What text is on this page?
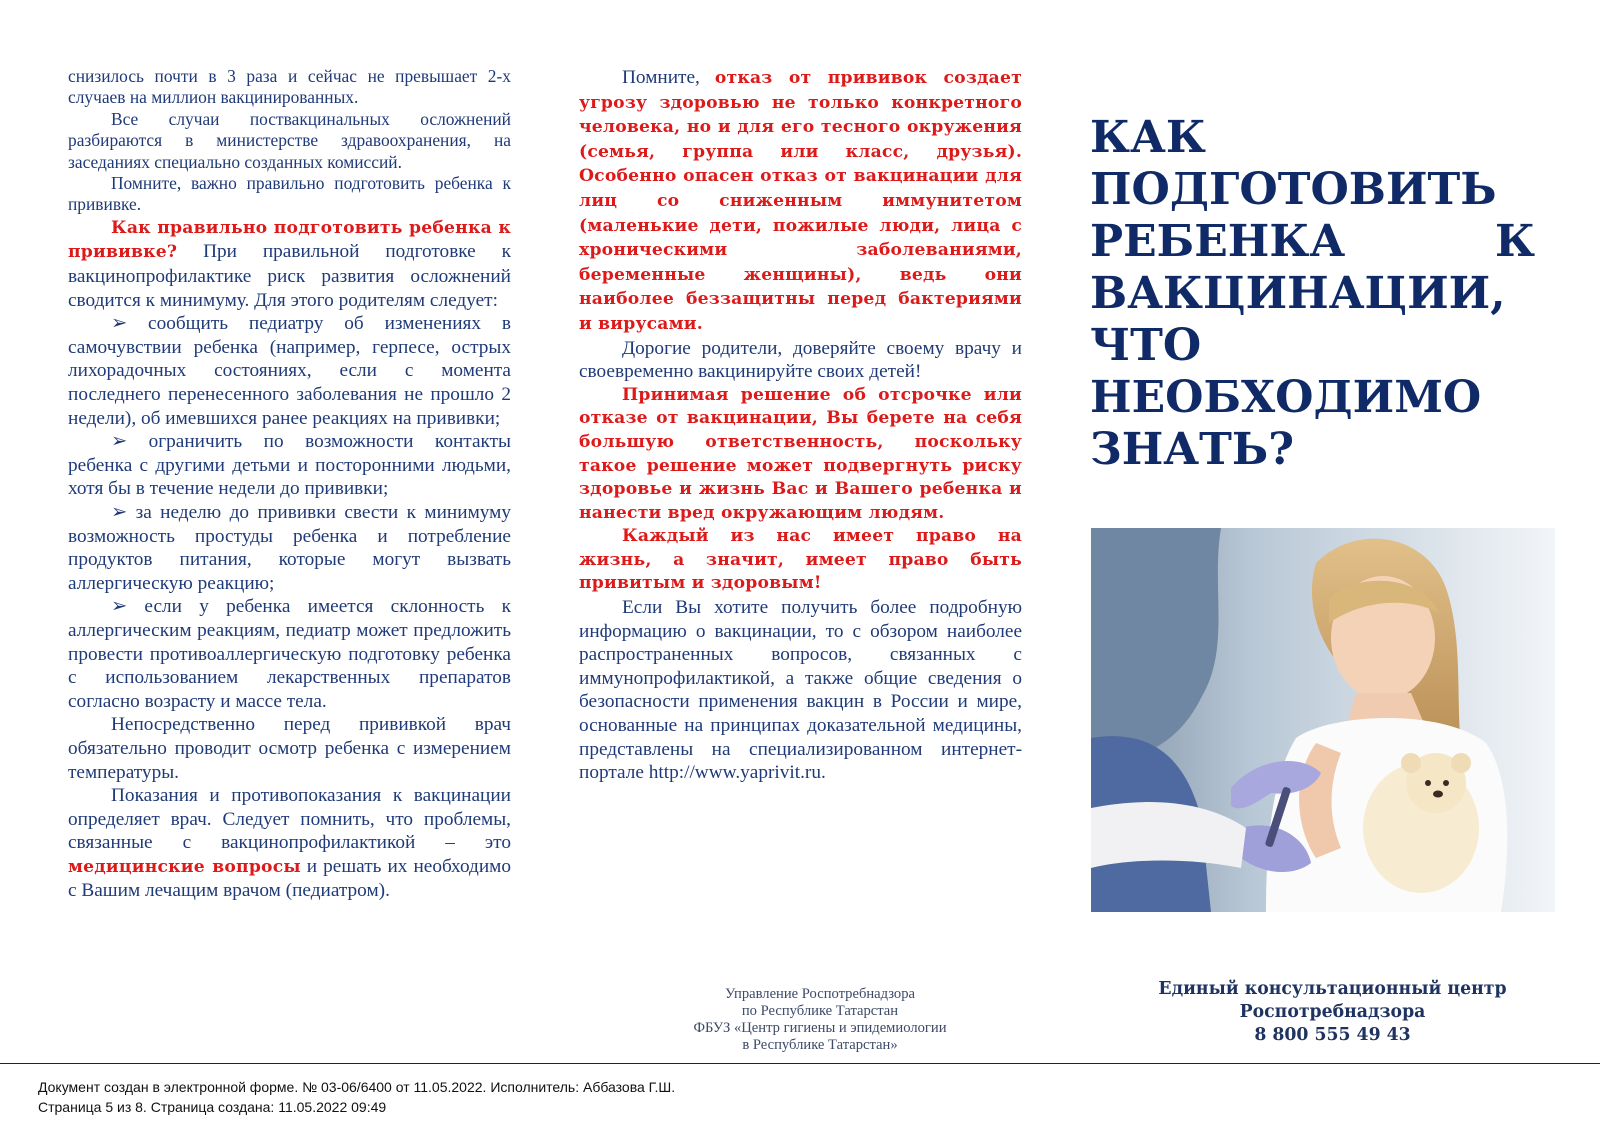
снизилось почти в 3 раза и сейчас не превышает 2-х случаев на миллион вакцинированных.

Все случаи поствакцинальных осложнений разбираются в министерстве здравоохранения, на заседаниях специально созданных комиссий.

Помните, важно правильно подготовить ребенка к прививке.

Как правильно подготовить ребенка к прививке? При правильной подготовке к вакцинопрофилактике риск развития осложнений сводится к минимуму. Для этого родителям следует:

➢ сообщить педиатру об изменениях в самочувствии ребенка (например, герпесе, острых лихорадочных состояниях, если с момента последнего перенесенного заболевания не прошло 2 недели), об имевшихся ранее реакциях на прививки;

➢ ограничить по возможности контакты ребенка с другими детьми и посторонними людьми, хотя бы в течение недели до прививки;

➢ за неделю до прививки свести к минимуму возможность простуды ребенка и потребление продуктов питания, которые могут вызвать аллергическую реакцию;

➢ если у ребенка имеется склонность к аллергическим реакциям, педиатр может предложить провести противоаллергическую подготовку ребенка с использованием лекарственных препаратов согласно возрасту и массе тела.

Непосредственно перед прививкой врач обязательно проводит осмотр ребенка с измерением температуры.

Показания и противопоказания к вакцинации определяет врач. Следует помнить, что проблемы, связанные с вакцинопрофилактикой – это медицинские вопросы и решать их необходимо с Вашим лечащим врачом (педиатром).

Помните, отказ от прививок создает угрозу здоровью не только конкретного человека, но и для его тесного окружения (семья, группа или класс, друзья). Особенно опасен отказ от вакцинации для лиц со сниженным иммунитетом (маленькие дети, пожилые люди, лица с хроническими заболеваниями, беременные женщины), ведь они наиболее беззащитны перед бактериями и вирусами.

Дорогие родители, доверяйте своему врачу и своевременно вакцинируйте своих детей!

Принимая решение об отсрочке или отказе от вакцинации, Вы берете на себя большую ответственность, поскольку такое решение может подвергнуть риску здоровье и жизнь Вас и Вашего ребенка и нанести вред окружающим людям.

Каждый из нас имеет право на жизнь, а значит, имеет право быть привитым и здоровым!

Если Вы хотите получить более подробную информацию о вакцинации, то с обзором наиболее распространенных вопросов, связанных с иммунопрофилактикой, а также общие сведения о безопасности применения вакцин в России и мире, основанные на принципах доказательной медицины, представлены на специализированном интернет-портале http://www.yaprivit.ru.

КАК ПОДГОТОВИТЬ РЕБЕНКА К ВАКЦИНАЦИИ, ЧТО НЕОБХОДИМО ЗНАТЬ?
Управление Роспотребнадзора
по Республике Татарстан
ФБУЗ «Центр гигиены и эпидемиологии
в Республике Татарстан»
Единый консультационный центр
Роспотребнадзора
8 800 555 49 43
Документ создан в электронной форме. № 03-06/6400 от 11.05.2022. Исполнитель: Аббазова Г.Ш.
Страница 5 из 8. Страница создана: 11.05.2022 09:49
